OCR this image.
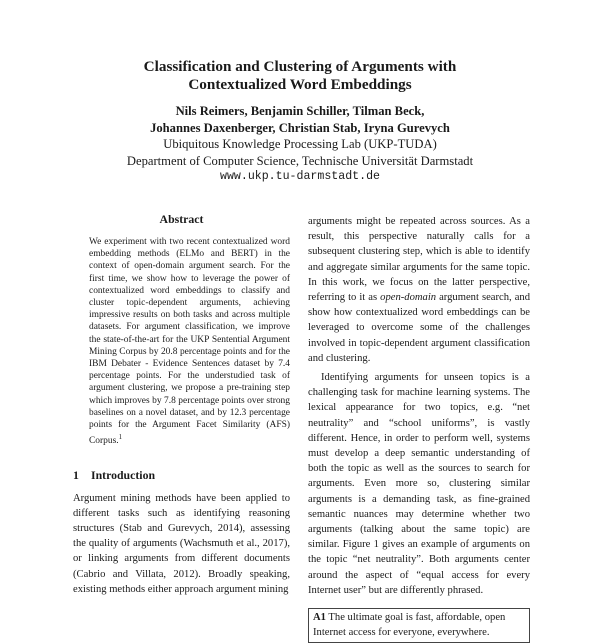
Classification and Clustering of Arguments with
Contextualized Word Embeddings
Nils Reimers, Benjamin Schiller, Tilman Beck,
Johannes Daxenberger, Christian Stab, Iryna Gurevych
Ubiquitous Knowledge Processing Lab (UKP-TUDA)
Department of Computer Science, Technische Universität Darmstadt
www.ukp.tu-darmstadt.de
Abstract

We experiment with two recent contextualized word embedding methods (ELMo and BERT) in the context of open-domain argument search. For the first time, we show how to leverage the power of contextualized word embeddings to classify and cluster topic-dependent arguments, achieving impressive results on both tasks and across multiple datasets. For argument classification, we improve the state-of-the-art for the UKP Sentential Argument Mining Corpus by 20.8 percentage points and for the IBM Debater - Evidence Sentences dataset by 7.4 percentage points. For the understudied task of argument clustering, we propose a pre-training step which improves by 7.8 percentage points over strong baselines on a novel dataset, and by 12.3 percentage points for the Argument Facet Similarity (AFS) Corpus.$^1$

1 Introduction

Argument mining methods have been applied to different tasks such as identifying reasoning structures (Stab and Gurevych, 2014), assessing the quality of arguments (Wachsmuth et al., 2017), or linking arguments from different documents (Cabrio and Villata, 2012). Broadly speaking, existing methods either approach argument mining

arguments might be repeated across sources. As a result, this perspective naturally calls for a subsequent clustering step, which is able to identify and aggregate similar arguments for the same topic. In this work, we focus on the latter perspective, referring to it as open-domain argument search, and show how contextualized word embeddings can be leveraged to overcome some of the challenges involved in topic-dependent argument classification and clustering.

Identifying arguments for unseen topics is a challenging task for machine learning systems. The lexical appearance for two topics, e.g. “net neutrality” and “school uniforms”, is vastly different. Hence, in order to perform well, systems must develop a deep semantic understanding of both the topic as well as the sources to search for arguments. Even more so, clustering similar arguments is a demanding task, as fine-grained semantic nuances may determine whether two arguments (talking about the same topic) are similar. Figure 1 gives an example of arguments on the topic “net neutrality”. Both arguments center around the aspect of “equal access for every Internet user” but are differently phrased.

A1 The ultimate goal is fast, affordable, open Internet access for everyone, everywhere.
